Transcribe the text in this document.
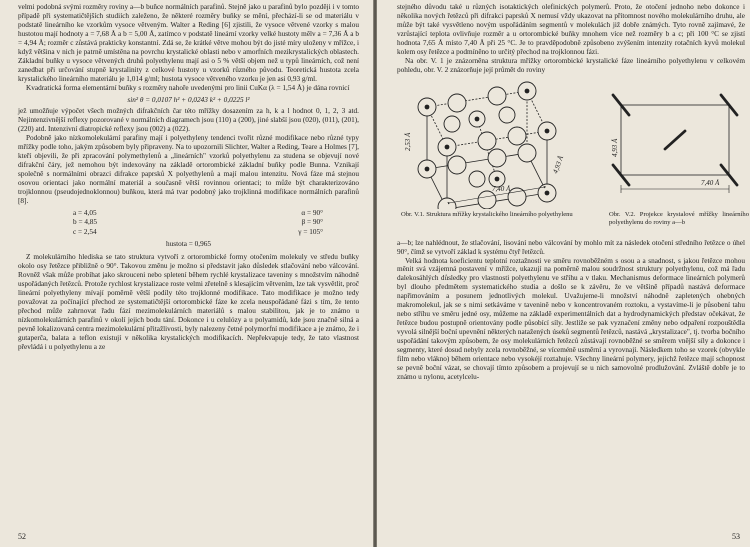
velmi podobná svými rozměry roviny a—b buňce normálních parafinů. Stejně jako u parafinů bylo později i v tomto případě při systematičtějších studiích zaleženo, že některé rozměry buňky se mění, přechází-li se od materiálu v podstatě lineárního ke vzorkům vysoce větveným. Walter a Reding [6] zjistili, že vysoce větvené vzorky s malou hustotou mají hodnoty a = 7,68 Å a b = 5,00 Å, zatímco v podstatě lineární vzorky velké hustoty mělv a = 7,36 Å a b = 4,94 Å; rozměr c zůstává prakticky konstantní. Zdá se, že krátké větve mohou být do jisté míry uloženy v mřížce, i když většina v nich je patrně umístěna na povrchu krystalické oblasti nebo v amorfních mezikrystalických oblastech. Základní buňky u vysoce větvených druhů polyethylenu mají asi o 5 % větší objem než u typů lineárních, což není zanedbat při určování stupně krystalinity z celkové hustoty u vzorků různého původu. Teoretická hustota zcela krystalického lineárního materiálu je 1,014 g/ml; hustota vysoce větveného vzorku je jen asi 0,93 g/ml.

Kvadratická forma elementární buňky s rozměry nahoře uvedenými pro linii CuKα (λ = 1,54 Å) je dána rovnicí

sin² θ = 0,0107 h² + 0,0243 k² + 0,0225 l²

jež umožňuje výpočet všech možných difrakčních čar této mřížky dosazením za h, k a l hodnot 0, 1, 2, 3 atd. Nejintenzivnější reflexy pozorované v normálních diagramech jsou (110) a (200), jiné slabší jsou (020), (011), (201), (220) atd. Intenzivní diatropické reflexy jsou (002) a (022).

Podobně jako nízkomolekulární parafiny mají i polyethyleny tendenci tvořit různé modifikace nebo různé typy mřížky podle toho, jakým způsobem byly připraveny. Na to upozornili Slichter, Walter a Reding, Teare a Holmes [7], kteří objevili, že při zpracování polymethylenů a „lineárních" vzorků polyethylenu za studena se objevují nové difrakční čáry, jež nemohou být indexovány na základě ortorombické základní buňky podle Bunna. Vznikají společně s normálními obrazci difrakce paprsků X polyethylenů a mají malou intenzitu. Nová fáze má stejnou osovou orientaci jako normální materiál a současně větší rovinnou orientaci; to může být charakterizováno trojklonnou (pseudojednoklonnou) buňkou, která má tvar podobný jako trojklinná modifikace normálních parafinů [8].

a = 4,05
b = 4,85
c = 2,54
α = 90°
β = 90°
γ = 105°
hustota = 0,965

Z molekulárního hlediska se tato struktura vytvoří z ortorombické formy otočením molekuly ve středu buňky okolo osy řetězce přibližně o 90°. Takovou změnu je možno si představit jako důsledek stlačování nebo válcování. Rovněž však může probíhat jako skrouceni nebo spletení během rychlé krystalizace taveniny s množstvím náhodně uspořádaných řetězců. Protože rychlost krystalizace roste velmi zřetelně s klesajícím větvením, lze tak vysvětlit, proč lineární polyethyleny mívají poměrně větší podíly této trojklonné modifikace. Tato modifikace je možno tedy považovat za počínající přechod ze systematičtější ortorombické fáze ke zcela neuspořádané fázi s tím, že tento přechod může zahrnovat řadu fází mezimolekulárních materiálů s malou stabilitou, jak je to známo u nízkomolekulárních parafinů v okolí jejich bodu tání. Dokonce i u celulózy a u polyamidů, kde jsou značně silná a pevně lokalizovaná centra mezimolekulární přitažlivosti, byly nalezeny četné polymorfní modifikace a je známo, že i gutaperča, balata a teflon existují v několika krystalických modifikacích. Nepřekvapuje tedy, že tato vlastnost převládá i u polyethylenu a ze

52

stejného důvodu také u různých isotaktických olefinických polymerů. Proto, že otočení jednoho nebo dokonce i několika nových řetězců při difrakci paprsků X nemusí vždy ukazovat na přítomnost nového molekulárního druhu, ale může být také vysvětleno novým uspořádáním segmentů v molekulách již dobře známých. Tyto rovně zajímavé, že vzrůstající teplota ovlivňuje rozměr a u ortorombické buňky mnohem více než rozměry b a c; při 100 °C se zjistí hodnota 7,65 Å místo 7,40 Å při 25 °C. Je to pravděpodobně způsobeno zvýšením intenzity rotačních kyvů molekul kolem osy řetězce a podmíněno to určitý přechod na trojklonnou fázi.

Na obr. V. 1 je znázorněna struktura mřížky ortorombické krystalické fáze lineárního polyethylenu v celkovém pohledu, obr. V. 2 znázorňuje její průmět do roviny

7,40 Å
4,93 Å
2,53 Å
7,40 Å
4,93 Å
Obr. V.1. Struktura mřížky krystalického lineárního polyethylenu	Obr. V.2. Projekce krystalové mřížky lineárního polyethylenu do roviny a—b

a—b; lze nahlédnout, že stlačování, lisování nebo válcování by mohlo mít za následek otočení středního řetězce o úhel 90°, čímž se vytvoří základ k systému čtyř řetězců.

Velká hodnota koeficientu teplotní roztažnosti ve směru rovnoběžném s osou a a snadnost, s jakou řetězce mohou měnit svá vzájemná postavení v mřížce, ukazují na poměrně malou soudržnost struktury polyethylenu, což má řadu dalekosáhlých důsledky pro vlastnosti polyethylenu ve stříhu a v tlaku. Mechanismus deformace lineárních polymerů byl dlouho předmětem systematického studia a došlo se k závěru, že ve většině případů nastává deformace napřimováním a posunem jednotlivých molekul. Uvažujeme-li množství náhodně zapletených ohebných makromolekul, jak se s nimi setkáváme v tavenině nebo v koncentrovaném roztoku, a vystavíme-li je působení tahu nebo stříhu ve směru jedné osy, můžeme na základě experimentálních dat a hydrodynamických představ očekávat, že řetězce budou postupně orientovány podle působící síly. Jestliže se pak vyznačení změny nebo odpaření rozpouštědla vyvolá silnější boční upevnění některých natažených úseků segmentů řetězců, nastává „krystalizace", tj. tvorba bočního uspořádání takovým způsobem, že osy molekulárních řetězců zůstávají rovnoběžné se směrem vnější síly a dokonce i segmenty, které dosud nebyly zcela rovnoběžné, se víceméně usměrní a vyrovnají. Následkem toho se vzorek (obvykle film nebo vlákno) během orientace nebo vysokéjí roztahuje. Všechny lineární polymery, jejichž řetězce mají schopnost se pevně boční vázat, se chovají tímto způsobem a projevují se u nich samovolné prodlužování. Zvláště dobře je to známo u nylonu, acetylcelu-

53
